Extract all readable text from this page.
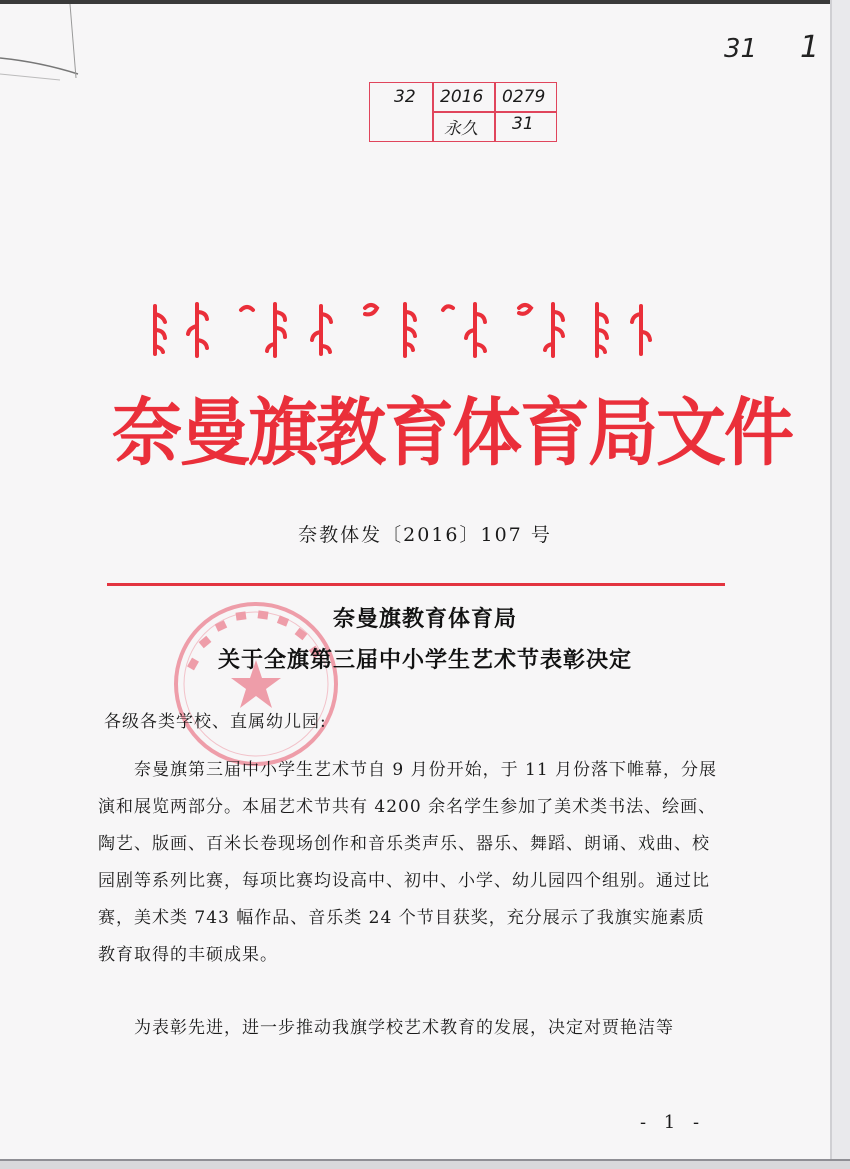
31 1
32 2016 0279
永久 31
奈曼旗教育体育局文件
奈教体发〔2016〕107 号
奈曼旗教育体育局
关于全旗第三届中小学生艺术节表彰决定
各级各类学校、直属幼儿园:

奈曼旗第三届中小学生艺术节自 9 月份开始，于 11 月份落下帷幕，分展演和展览两部分。本届艺术节共有 4200 余名学生参加了美术类书法、绘画、陶艺、版画、百米长卷现场创作和音乐类声乐、器乐、舞蹈、朗诵、戏曲、校园剧等系列比赛，每项比赛均设高中、初中、小学、幼儿园四个组别。通过比赛，美术类 743 幅作品、音乐类 24 个节目获奖，充分展示了我旗实施素质教育取得的丰硕成果。

为表彰先进，进一步推动我旗学校艺术教育的发展，决定对贾艳洁等

- 1 -
